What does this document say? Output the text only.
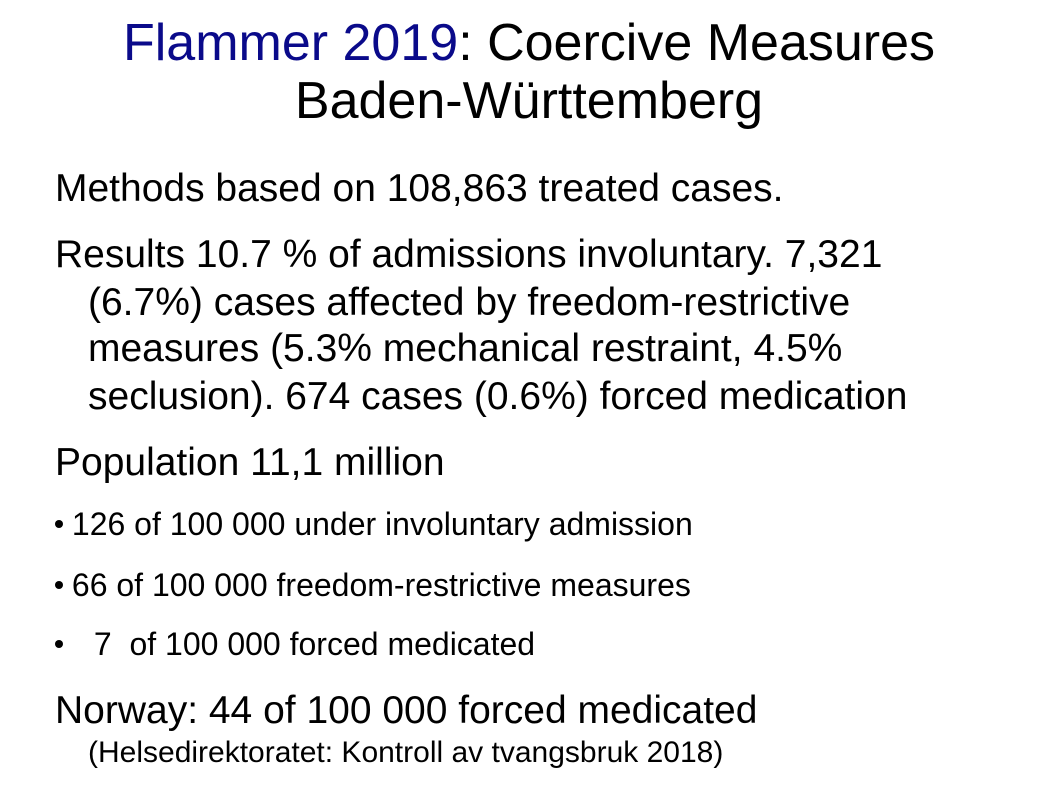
Flammer 2019: Coercive Measures
Baden-Württemberg

Methods based on 108,863 treated cases.

Results 10.7 % of admissions involuntary. 7,321

(6.7%) cases affected by freedom-restrictive

measures (5.3% mechanical restraint, 4.5%

seclusion). 674 cases (0.6%) forced medication

Population 11,1 million

126 of 100 000 under involuntary admission
66 of 100 000 freedom-restrictive measures
7  of 100 000 forced medicated

Norway: 44 of 100 000 forced medicated

(Helsedirektoratet: Kontroll av tvangsbruk 2018)
